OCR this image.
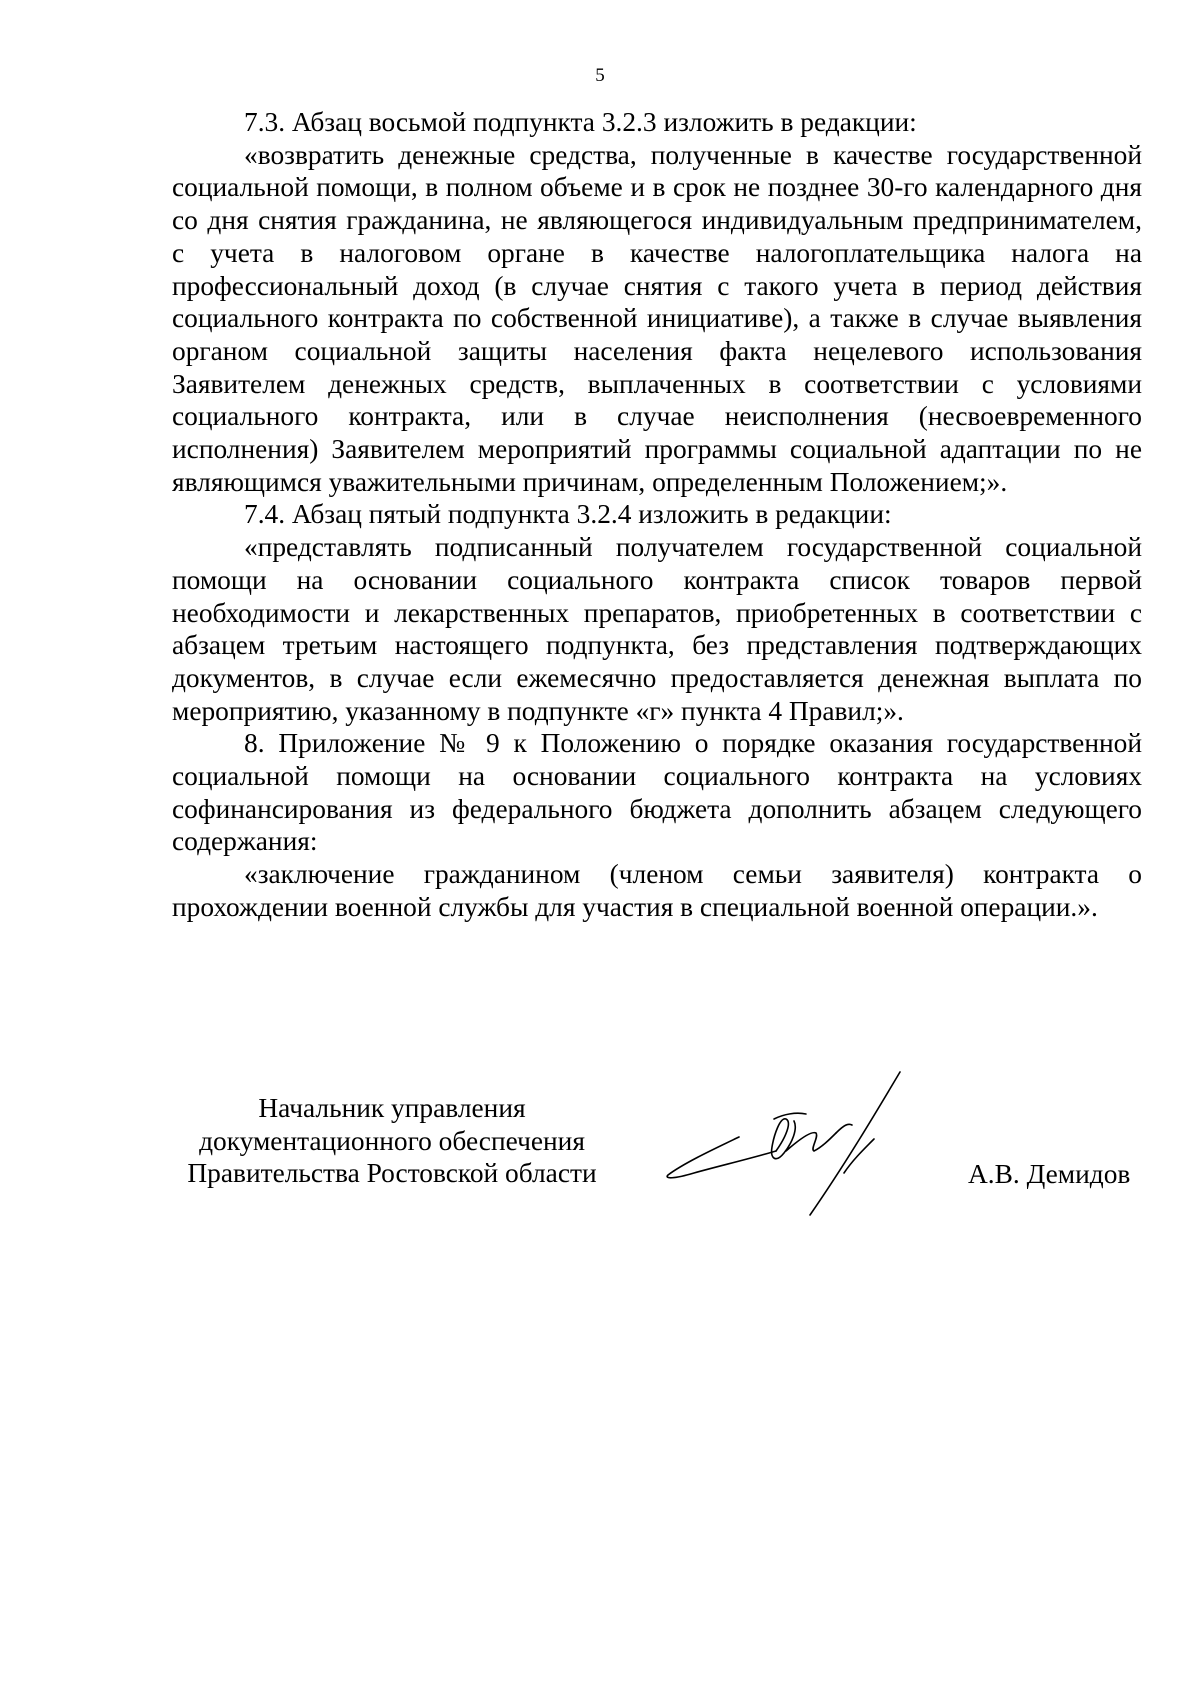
5

7.3. Абзац восьмой подпункта 3.2.3 изложить в редакции:

«возвратить денежные средства, полученные в качестве государственной социальной помощи, в полном объеме и в срок не позднее 30-го календарного дня со дня снятия гражданина, не являющегося индивидуальным предпринимателем, с учета в налоговом органе в качестве налогоплательщика налога на профессиональный доход (в случае снятия с такого учета в период действия социального контракта по собственной инициативе), а также в случае выявления органом социальной защиты населения факта нецелевого использования Заявителем денежных средств, выплаченных в соответствии с условиями социального контракта, или в случае неисполнения (несвоевременного исполнения) Заявителем мероприятий программы социальной адаптации по не являющимся уважительными причинам, определенным Положением;».

7.4. Абзац пятый подпункта 3.2.4 изложить в редакции:

«представлять подписанный получателем государственной социальной помощи на основании социального контракта список товаров первой необходимости и лекарственных препаратов, приобретенных в соответствии с абзацем третьим настоящего подпункта, без представления подтверждающих документов, в случае если ежемесячно предоставляется денежная выплата по мероприятию, указанному в подпункте «г» пункта 4 Правил;».

8. Приложение № 9 к Положению о порядке оказания государственной социальной помощи на основании социального контракта на условиях софинансирования из федерального бюджета дополнить абзацем следующего содержания:

«заключение гражданином (членом семьи заявителя) контракта о прохождении военной службы для участия в специальной военной операции.».

Начальник управления
документационного обеспечения
Правительства Ростовской области	А.В. Демидов
